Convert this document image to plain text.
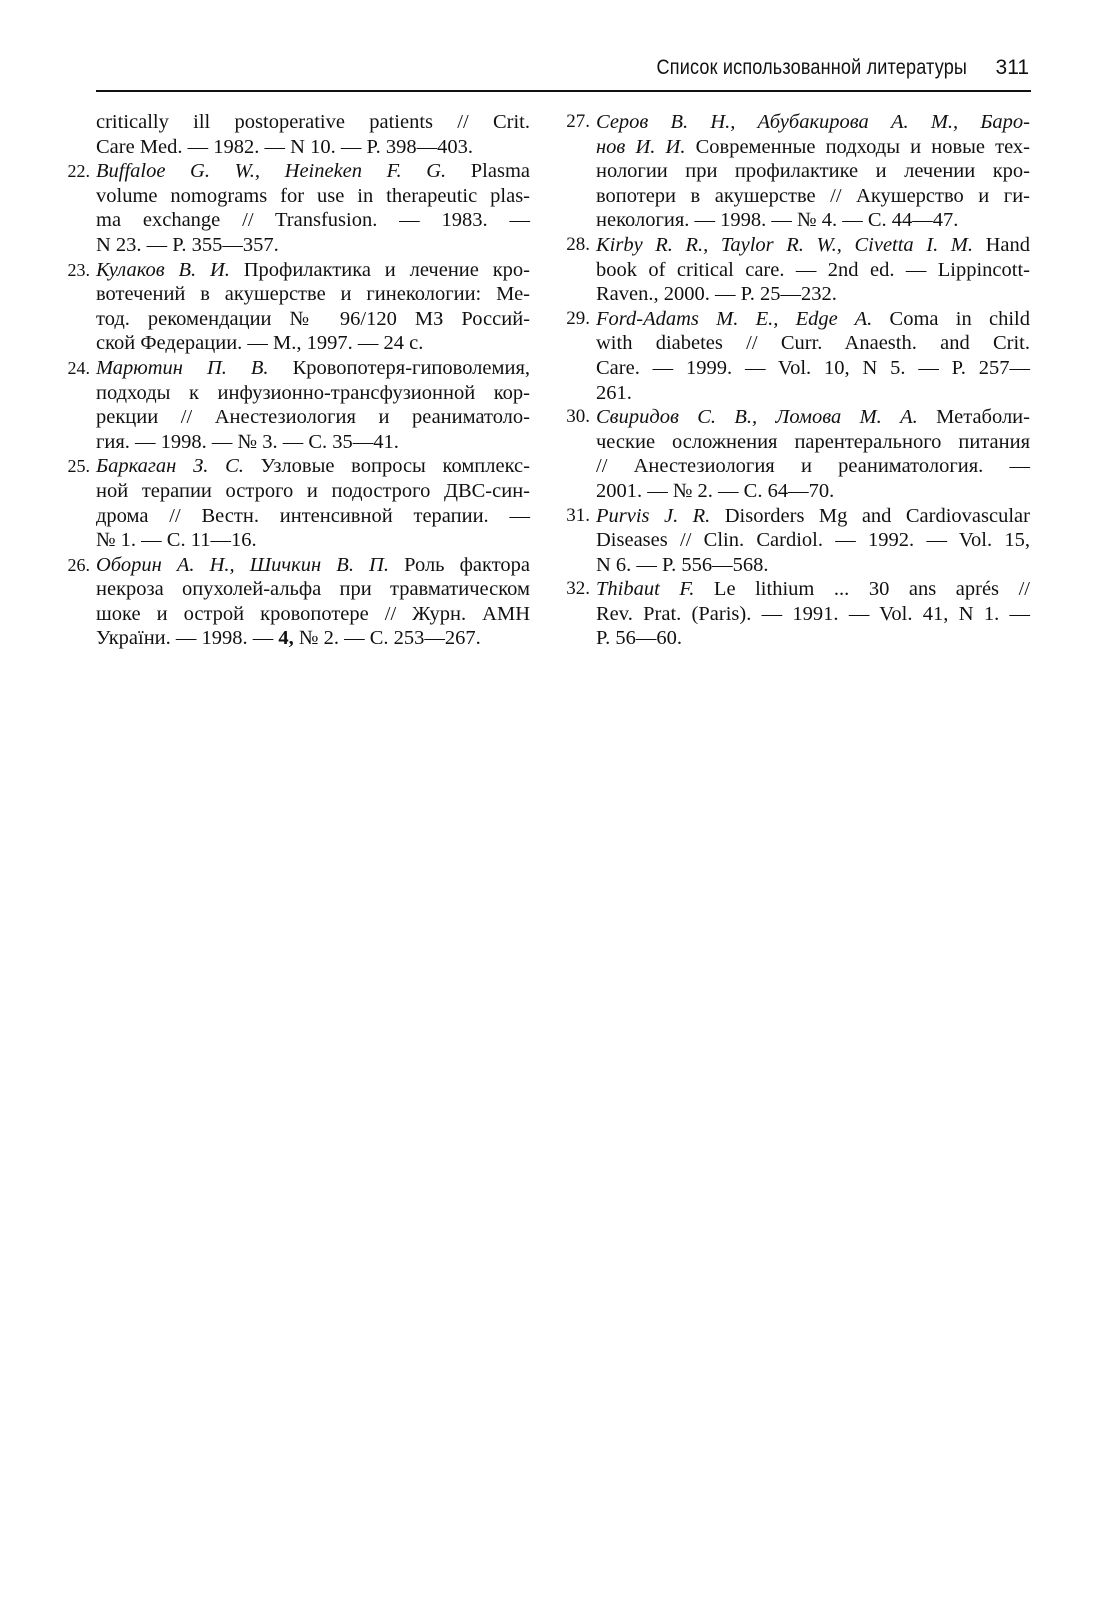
Список использованной литературы 311
critically ill postoperative patients // Crit.
Care Med. — 1982. — N 10. — P. 398—403.
22. Buffaloe G. W., Heineken F. G. Plasma
volume nomograms for use in therapeutic plas-
ma exchange // Transfusion. — 1983. —
N 23. — P. 355—357.
23. Кулаков В. И. Профилактика и лечение кро-
вотечений в акушерстве и гинекологии: Ме-
тод. рекомендации № 96/120 МЗ Россий-
ской Федерации. — М., 1997. — 24 с.
24. Марютин П. В. Кровопотеря-гиповолемия,
подходы к инфузионно-трансфузионной кор-
рекции // Анестезиология и реаниматоло-
гия. — 1998. — № 3. — С. 35—41.
25. Баркаган З. С. Узловые вопросы комплекс-
ной терапии острого и подострого ДВС-син-
дрома // Вестн. интенсивной терапии. —
№ 1. — С. 11—16.
26. Оборин А. Н., Шичкин В. П. Роль фактора
некроза опухолей-альфа при травматическом
шоке и острой кровопотере // Журн. АМН
України. — 1998. — 4, № 2. — С. 253—267.
27. Серов В. Н., Абубакирова А. М., Баро-
нов И. И. Современные подходы и новые тех-
нологии при профилактике и лечении кро-
вопотери в акушерстве // Акушерство и ги-
некология. — 1998. — № 4. — С. 44—47.
28. Kirby R. R., Taylor R. W., Civetta I. M. Hand
book of critical care. — 2nd ed. — Lippincott-
Raven., 2000. — P. 25—232.
29. Ford-Adams M. E., Edge A. Coma in child
with diabetes // Curr. Anaesth. and Crit.
Care. — 1999. — Vol. 10, N 5. — P. 257—
261.
30. Свиридов С. В., Ломова М. А. Метаболи-
ческие осложнения парентерального питания
// Анестезиология и реаниматология. —
2001. — № 2. — С. 64—70.
31. Purvis J. R. Disorders Mg and Cardiovascular
Diseases // Clin. Cardiol. — 1992. — Vol. 15,
N 6. — P. 556—568.
32. Thibaut F. Le lithium ... 30 ans aprés //
Rev. Prat. (Paris). — 1991. — Vol. 41, N 1. —
P. 56—60.
